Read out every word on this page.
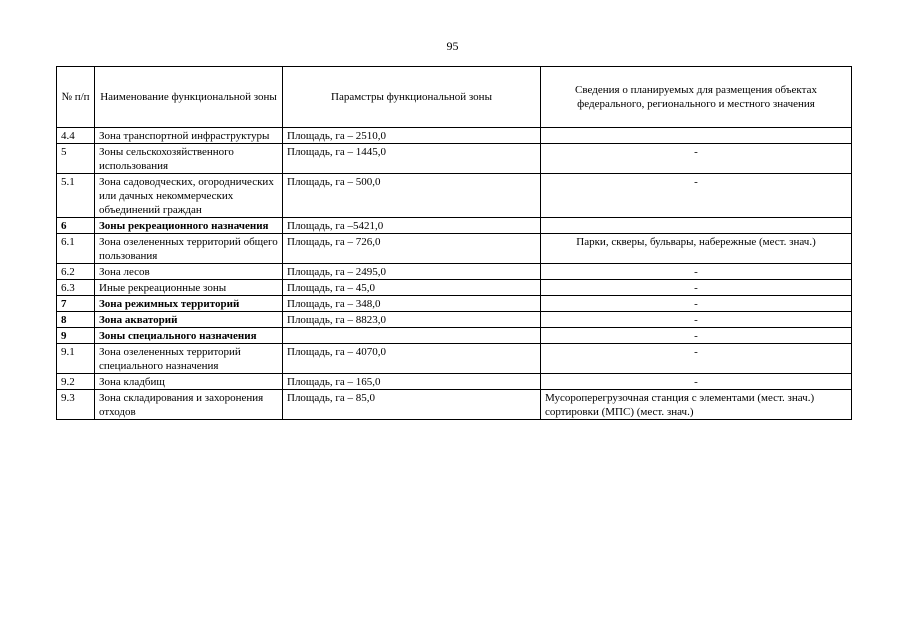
95
№ п/п	Наименование функциональной зоны	Парамстры функциональной зоны	Сведения о планируемых для размещения объектах федерального, регионального и местного значения
4.4	Зона транспортной инфраструктуры	Площадь, га – 2510,0	

5	Зоны сельскохозяйственного использования	Площадь, га – 1445,0	-

5.1	Зона садоводческих, огороднических или дачных некоммерческих объединений граждан	Площадь, га – 500,0	-

6	Зоны рекреационного назначения	Площадь, га –5421,0	

6.1	Зона озелененных территорий общего пользования	Площадь, га – 726,0	Парки, скверы, бульвары, набережные (мест. знач.)

6.2	Зона лесов	Площадь, га – 2495,0	-

6.3	Иные рекреационные зоны	Площадь, га – 45,0	-

7	Зона режимных территорий	Площадь, га – 348,0	-

8	Зона акваторий	Площадь, га – 8823,0	-

9	Зоны специального назначения		-

9.1	Зона озелененных территорий специального назначения	Площадь, га – 4070,0	-

9.2	Зона кладбищ	Площадь, га – 165,0	-

9.3	Зона складирования и захоронения отходов	Площадь, га – 85,0	Мусороперегрузочная станция с элементами (мест. знач.)
сортировки (МПС) (мест. знач.)
